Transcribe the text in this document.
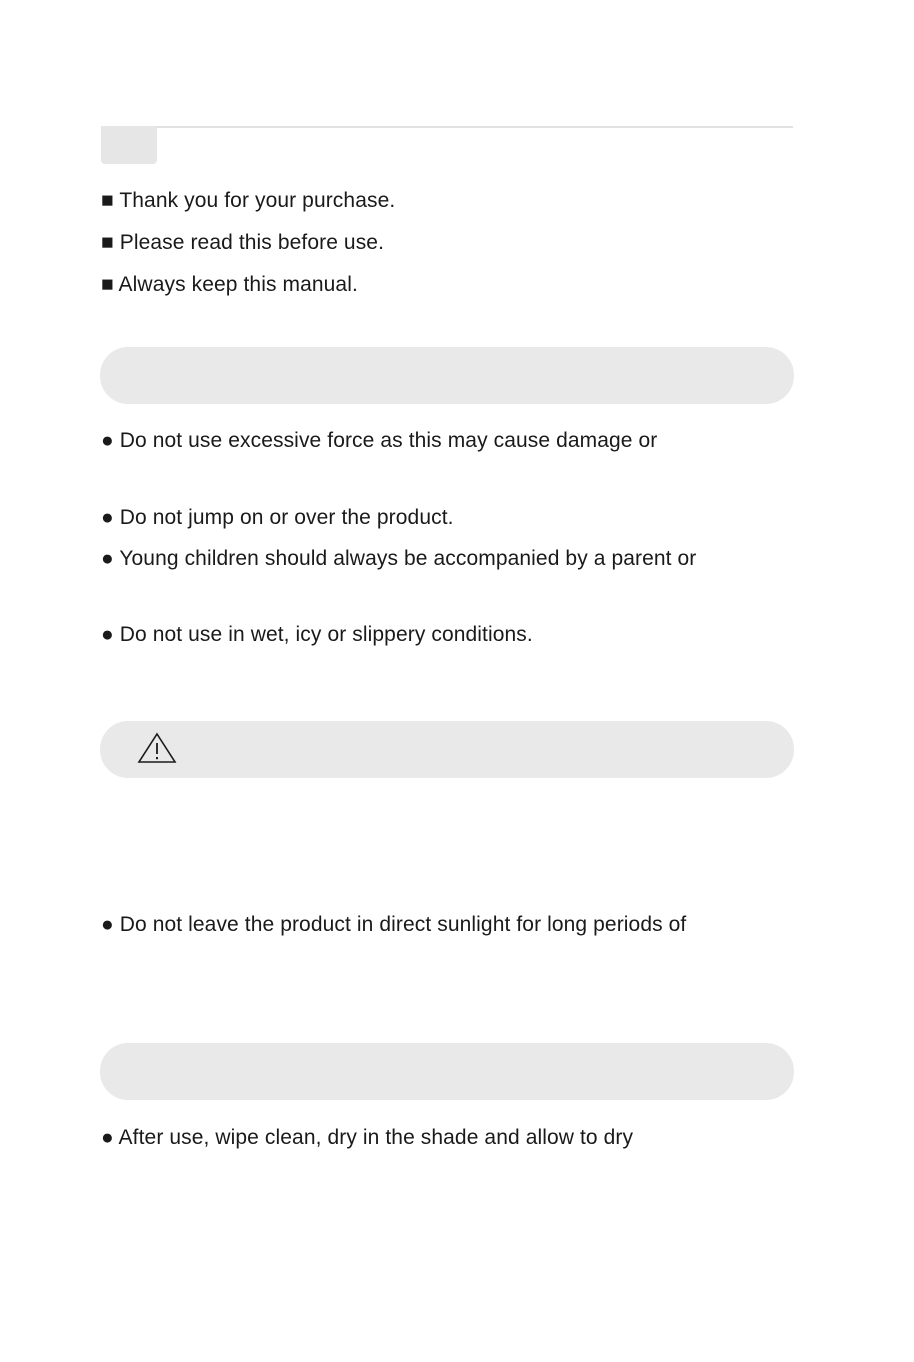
■ Thank you for your purchase.
■ Please read this before use.
■ Always keep this manual.
● Do not use excessive force as this may cause damage or
● Do not jump on or over the product.
● Young children should always be accompanied by a parent or
● Do not use in wet, icy or slippery conditions.
● Do not leave the product in direct sunlight for long periods of
● After use, wipe clean, dry in the shade and allow to dry
